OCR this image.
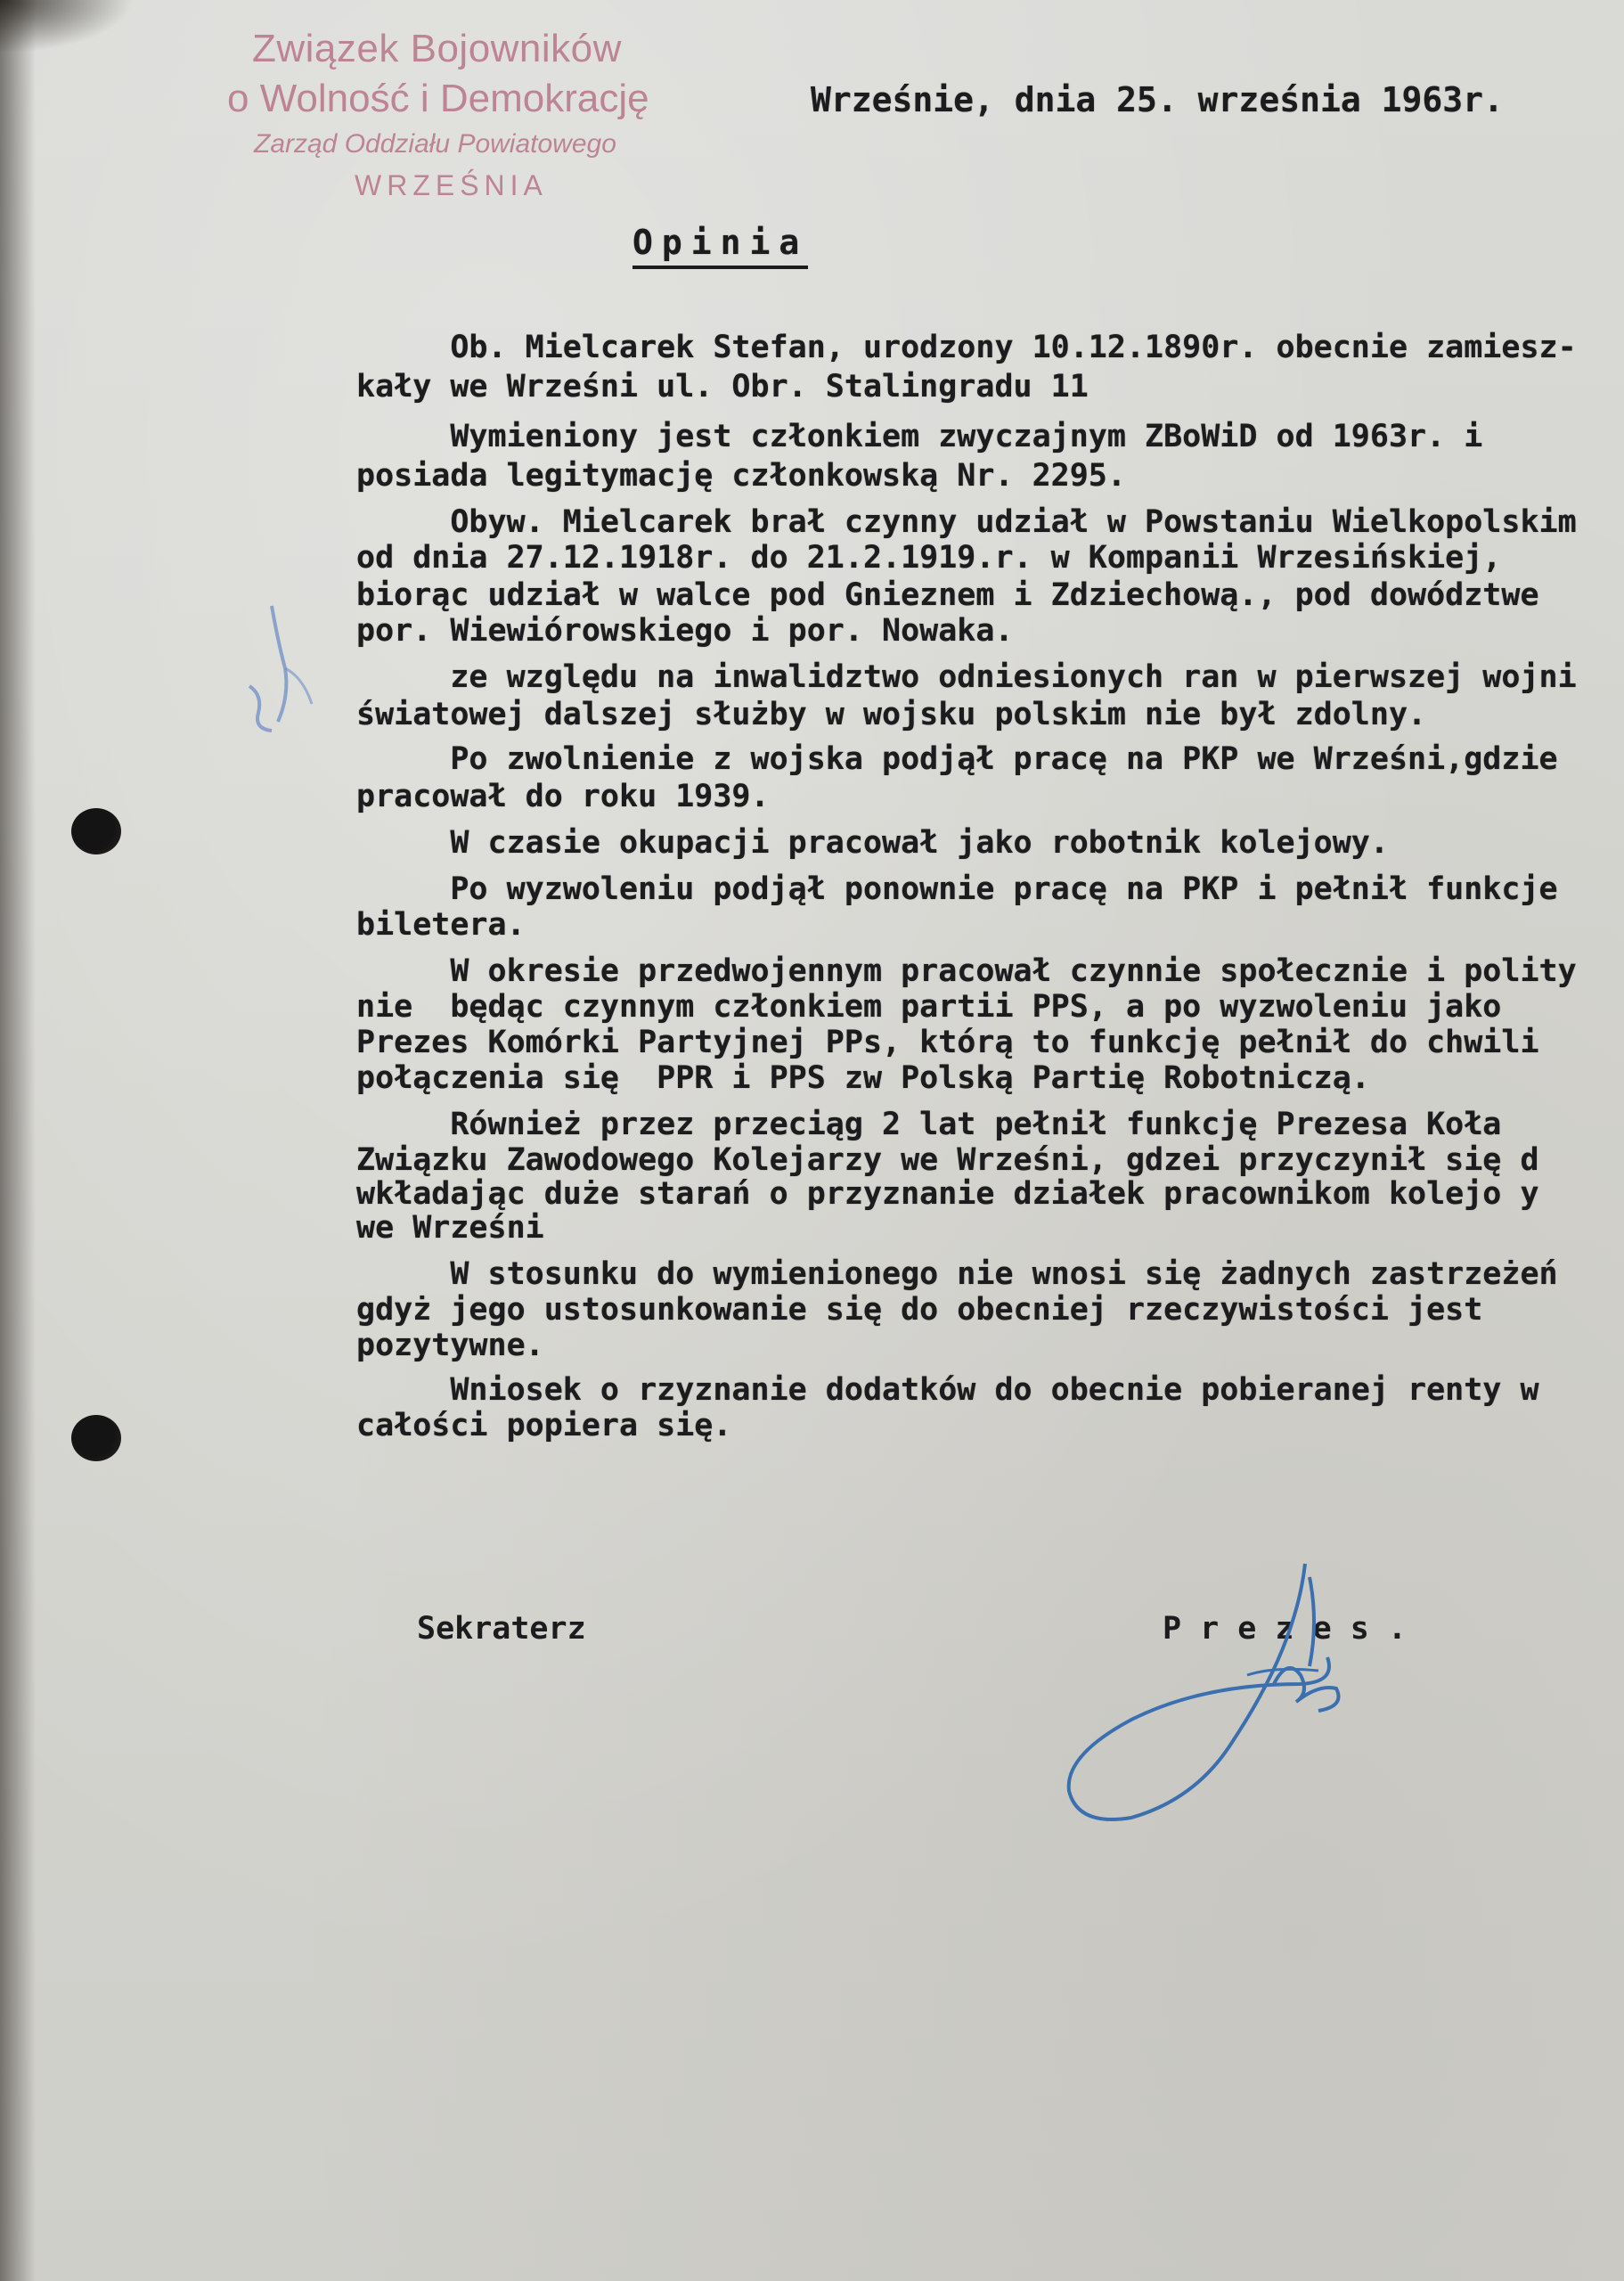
Związek Bojowników
o Wolność i Demokrację
Zarząd Oddziału Powiatowego
WRZEŚNIA
Wrześnie, dnia 25. września 1963r.
Opinia
Ob. Mielcarek Stefan, urodzony 10.12.1890r. obecnie zamiesz-
kały we Wrześni ul. Obr. Stalingradu 11
Wymieniony jest członkiem zwyczajnym ZBoWiD od 1963r. i
posiada legitymację członkowską Nr. 2295.
Obyw. Mielcarek brał czynny udział w Powstaniu Wielkopolskim
od dnia 27.12.1918r. do 21.2.1919.r. w Kompanii Wrzesińskiej,
biorąc udział w walce pod Gnieznem i Zdziechową., pod dowództwe
por. Wiewiórowskiego i por. Nowaka.
ze względu na inwalidztwo odniesionych ran w pierwszej wojni
światowej dalszej służby w wojsku polskim nie był zdolny.
Po zwolnienie z wojska podjął pracę na PKP we Wrześni,gdzie
pracował do roku 1939.
W czasie okupacji pracował jako robotnik kolejowy.
Po wyzwoleniu podjął ponownie pracę na PKP i pełnił funkcje
biletera.
W okresie przedwojennym pracował czynnie społecznie i polity
nie  będąc czynnym członkiem partii PPS, a po wyzwoleniu jako
Prezes Komórki Partyjnej PPs, którą to funkcję pełnił do chwili
połączenia się  PPR i PPS zw Polską Partię Robotniczą.
Również przez przeciąg 2 lat pełnił funkcję Prezesa Koła
Związku Zawodowego Kolejarzy we Wrześni, gdzei przyczynił się d
wkładając duże starań o przyznanie działek pracownikom kolejo y
we Wrześni
W stosunku do wymienionego nie wnosi się żadnych zastrzeżeń
gdyż jego ustosunkowanie się do obecniej rzeczywistości jest
pozytywne.
Wniosek o rzyznanie dodatków do obecnie pobieranej renty w
całości popiera się.
Sekraterz	P r e z e s .
